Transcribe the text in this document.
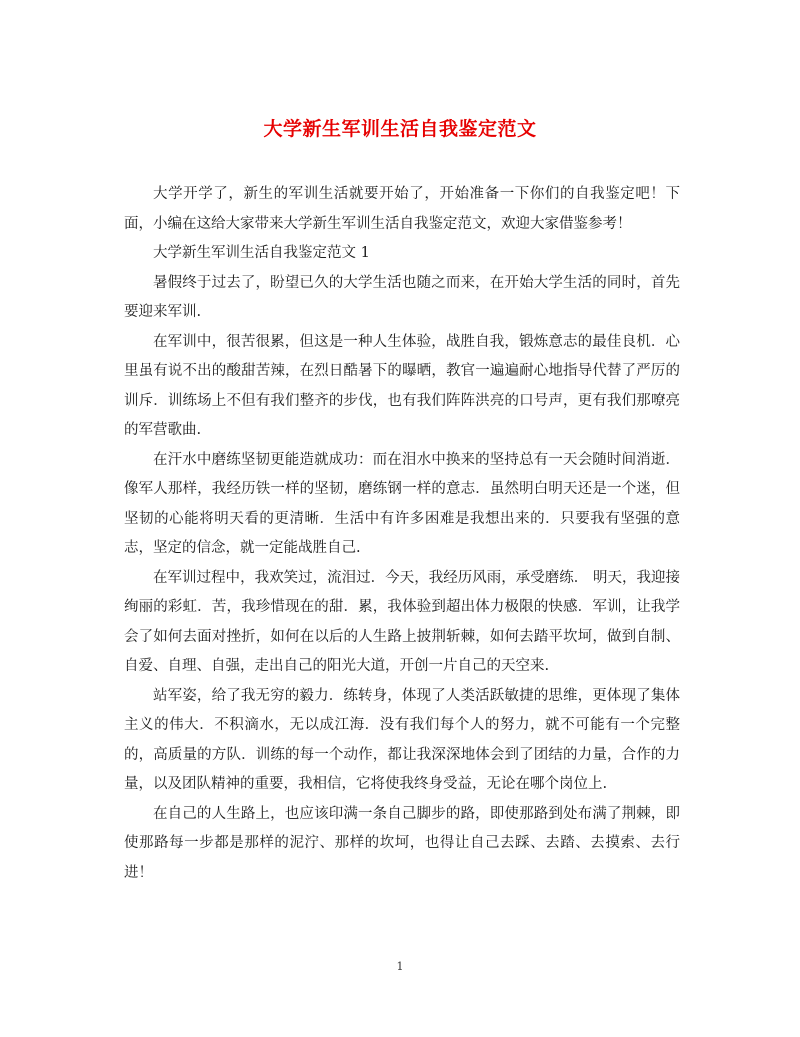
大学新生军训生活自我鉴定范文

大学开学了，新生的军训生活就要开始了，开始准备一下你们的自我鉴定吧！下面，小编在这给大家带来大学新生军训生活自我鉴定范文，欢迎大家借鉴参考！

大学新生军训生活自我鉴定范文 1

暑假终于过去了，盼望已久的大学生活也随之而来，在开始大学生活的同时，首先要迎来军训.

在军训中，很苦很累，但这是一种人生体验，战胜自我，锻炼意志的最佳良机．心里虽有说不出的酸甜苦辣，在烈日酷暑下的曝晒，教官一遍遍耐心地指导代替了严厉的训斥．训练场上不但有我们整齐的步伐，也有我们阵阵洪亮的口号声，更有我们那嘹亮的军营歌曲.

在汗水中磨练坚韧更能造就成功：而在泪水中换来的坚持总有一天会随时间消逝．像军人那样，我经历铁一样的坚韧，磨练钢一样的意志．虽然明白明天还是一个迷，但坚韧的心能将明天看的更清晰．生活中有许多困难是我想出来的．只要我有坚强的意志，坚定的信念，就一定能战胜自己.

在军训过程中，我欢笑过，流泪过．今天，我经历风雨，承受磨练． 明天，我迎接绚丽的彩虹．苦，我珍惜现在的甜．累，我体验到超出体力极限的快感．军训，让我学会了如何去面对挫折，如何在以后的人生路上披荆斩棘，如何去踏平坎坷，做到自制、自爱、自理、自强，走出自己的阳光大道，开创一片自己的天空来.

站军姿，给了我无穷的毅力．练转身，体现了人类活跃敏捷的思维，更体现了集体主义的伟大．不积滴水，无以成江海．没有我们每个人的努力，就不可能有一个完整的，高质量的方队．训练的每一个动作，都让我深深地体会到了团结的力量，合作的力量，以及团队精神的重要，我相信，它将使我终身受益，无论在哪个岗位上.

在自己的人生路上，也应该印满一条自己脚步的路，即使那路到处布满了荆棘，即使那路每一步都是那样的泥泞、那样的坎坷，也得让自己去踩、去踏、去摸索、去行进！

1
